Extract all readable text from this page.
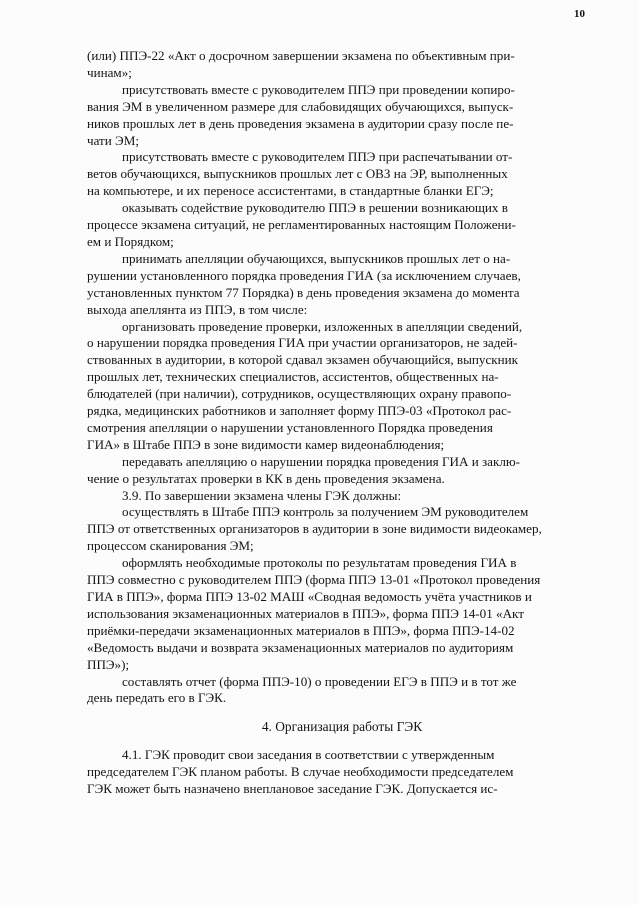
10

(или) ППЭ-22 «Акт о досрочном завершении экзамена по объективным при-
чинам»;

присутствовать вместе с руководителем ППЭ при проведении копиро-
вания ЭМ в увеличенном размере для слабовидящих обучающихся, выпуск-
ников прошлых лет в день проведения экзамена в аудитории сразу после пе-
чати ЭМ;

присутствовать вместе с руководителем ППЭ при распечатывании от-
ветов обучающихся, выпускников прошлых лет с ОВЗ на ЭР, выполненных
на компьютере, и их переносе ассистентами, в стандартные бланки ЕГЭ;

оказывать содействие руководителю ППЭ в решении возникающих в
процессе экзамена ситуаций, не регламентированных настоящим Положени-
ем и Порядком;

принимать апелляции обучающихся, выпускников прошлых лет о на-
рушении установленного порядка проведения ГИА (за исключением случаев,
установленных пунктом 77 Порядка) в день проведения экзамена до момента
выхода апеллянта из ППЭ, в том числе:

организовать проведение проверки, изложенных в апелляции сведений,
о нарушении порядка проведения ГИА при участии организаторов, не задей-
ствованных в аудитории, в которой сдавал экзамен обучающийся, выпускник
прошлых лет, технических специалистов, ассистентов, общественных на-
блюдателей (при наличии), сотрудников, осуществляющих охрану правопо-
рядка, медицинских работников и заполняет форму ППЭ-03 «Протокол рас-
смотрения апелляции о нарушении установленного Порядка проведения
ГИА» в Штабе ППЭ в зоне видимости камер видеонаблюдения;

передавать апелляцию о нарушении порядка проведения ГИА и заклю-
чение о результатах проверки в КК в день проведения экзамена.

3.9. По завершении экзамена члены ГЭК должны:

осуществлять в Штабе ППЭ контроль за получением ЭМ руководителем
ППЭ от ответственных организаторов в аудитории в зоне видимости видеокамер,
процессом сканирования ЭМ;

оформлять необходимые протоколы по результатам проведения ГИА в
ППЭ совместно с руководителем ППЭ (форма ППЭ 13-01 «Протокол проведения
ГИА в ППЭ», форма ППЭ 13-02 МАШ «Сводная ведомость учёта участников и
использования экзаменационных материалов в ППЭ», форма ППЭ 14-01 «Акт
приёмки-передачи экзаменационных материалов в ППЭ», форма ППЭ-14-02
«Ведомость выдачи и возврата экзаменационных материалов по аудиториям
ППЭ»);

составлять отчет (форма ППЭ-10) о проведении ЕГЭ в ППЭ и в тот же
день передать его в ГЭК.

4. Организация работы ГЭК

4.1. ГЭК проводит свои заседания в соответствии с утвержденным
председателем ГЭК планом работы. В случае необходимости председателем
ГЭК может быть назначено внеплановое заседание ГЭК. Допускается ис-
